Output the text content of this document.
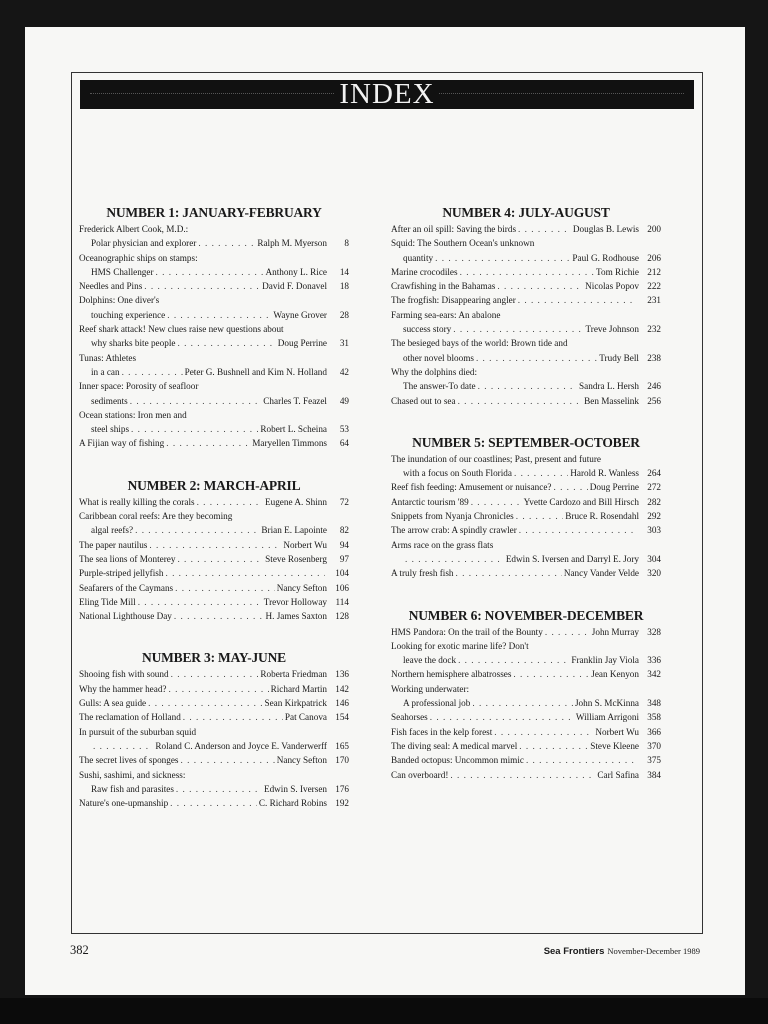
INDEX
NUMBER 1: JANUARY-FEBRUARY
Frederick Albert Cook, M.D.:
Polar physician and explorer . . .	Ralph M. Myerson	8
Oceanographic ships on stamps:
HMS Challenger . . .	Anthony L. Rice	14
Needles and Pins . . .	David F. Donavel	18
Dolphins: One diver's
touching experience . . .	Wayne Grover	28
Reef shark attack! New clues raise new questions about
why sharks bite people . . .	Doug Perrine	31
Tunas: Athletes
in a can . . .	Peter G. Bushnell and Kim N. Holland	42
Inner space: Porosity of seafloor
sediments . . .	Charles T. Feazel	49
Ocean stations: Iron men and
steel ships . . .	Robert L. Scheina	53
A Fijian way of fishing . . .	Maryellen Timmons	64
NUMBER 2: MARCH-APRIL
What is really killing the corals . . .	Eugene A. Shinn	72
Caribbean coral reefs: Are they becoming
algal reefs? . . .	Brian E. Lapointe	82
The paper nautilus . . .	Norbert Wu	94
The sea lions of Monterey . . .	Steve Rosenberg	97
Purple-striped jellyfish . . .	104
Seafarers of the Caymans . . .	Nancy Sefton 106
Eling Tide Mill . . .	Trevor Holloway 114
National Lighthouse Day . . .	H. James Saxton 128
NUMBER 3: MAY-JUNE
Shooing fish with sound . . .	Roberta Friedman 136
Why the hammer head? . . .	Richard Martin 142
Gulls: A sea guide . . .	Sean Kirkpatrick 146
The reclamation of Holland . . .	Pat Canova 154
In pursuit of the suburban squid
. . .
Roland C. Anderson and Joyce E. Vanderwerff 165
The secret lives of sponges . . .	Nancy Sefton 170
Sushi, sashimi, and sickness:
Raw fish and parasites . . .	Edwin S. Iversen 176
Nature's one-upmanship . . .	C. Richard Robins 192
NUMBER 4: JULY-AUGUST
After an oil spill: Saving the birds . . .	Douglas B. Lewis 200
Squid: The Southern Ocean's unknown
quantity . . .	Paul G. Rodhouse 206
Marine crocodiles . . .	Tom Richie 212
Crawfishing in the Bahamas . . .	Nicolas Popov 222
The frogfish: Disappearing angler . . .	231
Farming sea-ears: An abalone
success story . . .	Treve Johnson 232
The besieged bays of the world: Brown tide and
other novel blooms . . .	Trudy Bell 238
Why the dolphins died:
The answer-To date . . .	Sandra L. Hersh 246
Chased out to sea . . .	Ben Masselink 256
NUMBER 5: SEPTEMBER-OCTOBER
The inundation of our coastlines; Past, present and future
with a focus on South Florida . . .	Harold R. Wanless 264
Reef fish feeding: Amusement or nuisance? . . .	Doug Perrine 272
Antarctic tourism '89 . . .	Yvette Cardozo and Bill Hirsch 282
Snippets from Nyanja Chronicles . . .	Bruce R. Rosendahl 292
The arrow crab: A spindly crawler . . .	303
Arms race on the grass flats
. . .
Edwin S. Iversen and Darryl E. Jory 304
A truly fresh fish . . .	Nancy Vander Velde 320
NUMBER 6: NOVEMBER-DECEMBER
HMS Pandora: On the trail of the Bounty . . .	John Murray 328
Looking for exotic marine life? Don't
leave the dock . . .	Franklin Jay Viola 336
Northern hemisphere albatrosses . . .	Jean Kenyon 342
Working underwater:
A professional job . . .	John S. McKinna 348
Seahorses . . .	William Arrigoni 358
Fish faces in the kelp forest . . .	Norbert Wu 366
The diving seal: A medical marvel . . .	Steve Kleene 370
Banded octopus: Uncommon mimic . . .	375
Can overboard! . . .	Carl Safina 384
382	Sea Frontiers November-December 1989
